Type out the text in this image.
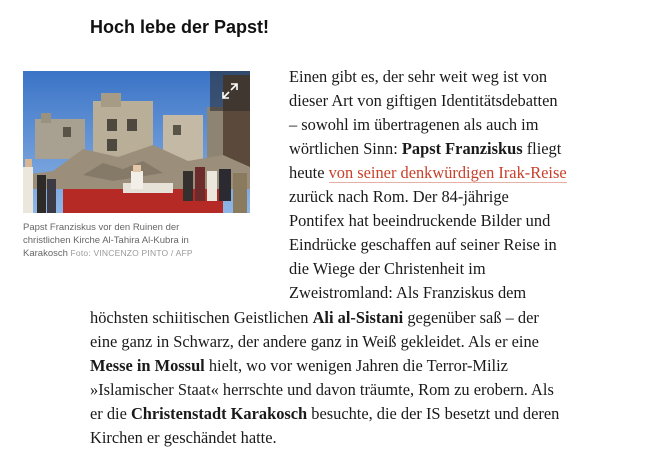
Hoch lebe der Papst!
Papst Franziskus vor den Ruinen der
christlichen Kirche Al-Tahira Al-Kubra in
Karakosch Foto: VINCENZO PINTO / AFP

Einen gibt es, der sehr weit weg ist von

dieser Art von giftigen Identitätsdebatten

– sowohl im übertragenen als auch im

wörtlichen Sinn: Papst Franziskus fliegt

heute von seiner denkwürdigen Irak-Reise

zurück nach Rom. Der 84-jährige

Pontifex hat beeindruckende Bilder und

Eindrücke geschaffen auf seiner Reise in

die Wiege der Christenheit im

Zweistromland: Als Franziskus dem

höchsten schiitischen Geistlichen Ali al-Sistani gegenüber saß – der

eine ganz in Schwarz, der andere ganz in Weiß gekleidet. Als er eine

Messe in Mossul hielt, wo vor wenigen Jahren die Terror-Miliz

»Islamischer Staat« herrschte und davon träumte, Rom zu erobern. Als

er die Christenstadt Karakosch besuchte, die der IS besetzt und deren

Kirchen er geschändet hatte.
